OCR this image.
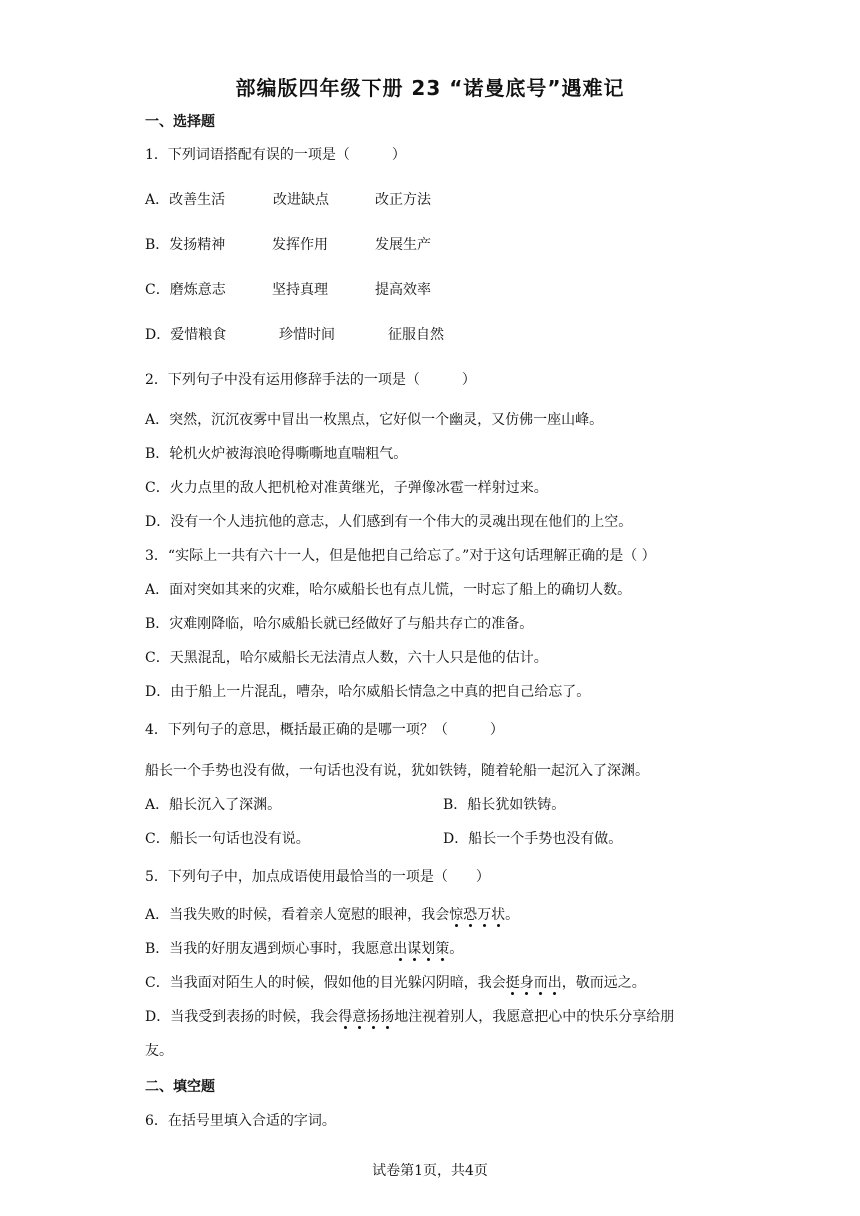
部编版四年级下册 23 “诺曼底号”遇难记
一、选择题
1．下列词语搭配有误的一项是（　　　）
A．改善生活	改进缺点	改正方法
B．发扬精神	发挥作用	发展生产
C．磨炼意志	坚持真理	提高效率
D．爱惜粮食	珍惜时间	征服自然
2．下列句子中没有运用修辞手法的一项是（　　　）
A．突然，沉沉夜雾中冒出一枚黑点，它好似一个幽灵，又仿佛一座山峰。
B．轮机火炉被海浪呛得嘶嘶地直喘粗气。
C．火力点里的敌人把机枪对准黄继光，子弹像冰雹一样射过来。
D．没有一个人违抗他的意志，人们感到有一个伟大的灵魂出现在他们的上空。
3．“实际上一共有六十一人，但是他把自己给忘了。”对于这句话理解正确的是（ ）
A．面对突如其来的灾难，哈尔威船长也有点儿慌，一时忘了船上的确切人数。
B．灾难刚降临，哈尔威船长就已经做好了与船共存亡的准备。
C．天黑混乱，哈尔威船长无法清点人数，六十人只是他的估计。
D．由于船上一片混乱，嘈杂，哈尔威船长情急之中真的把自己给忘了。
4．下列句子的意思，概括最正确的是哪一项？（　　　）
船长一个手势也没有做，一句话也没有说，犹如铁铸，随着轮船一起沉入了深渊。
A．船长沉入了深渊。	B．船长犹如铁铸。
C．船长一句话也没有说。	D．船长一个手势也没有做。
5．下列句子中，加点成语使用最恰当的一项是（　　）
A．当我失败的时候，看着亲人宽慰的眼神，我会惊恐万状。
B．当我的好朋友遇到烦心事时，我愿意出谋划策。
C．当我面对陌生人的时候，假如他的目光躲闪阴暗，我会挺身而出，敬而远之。
D．当我受到表扬的时候，我会得意扬扬地注视着别人，我愿意把心中的快乐分享给朋
友。
二、填空题
6．在括号里填入合适的字词。
试卷第1页，共4页
